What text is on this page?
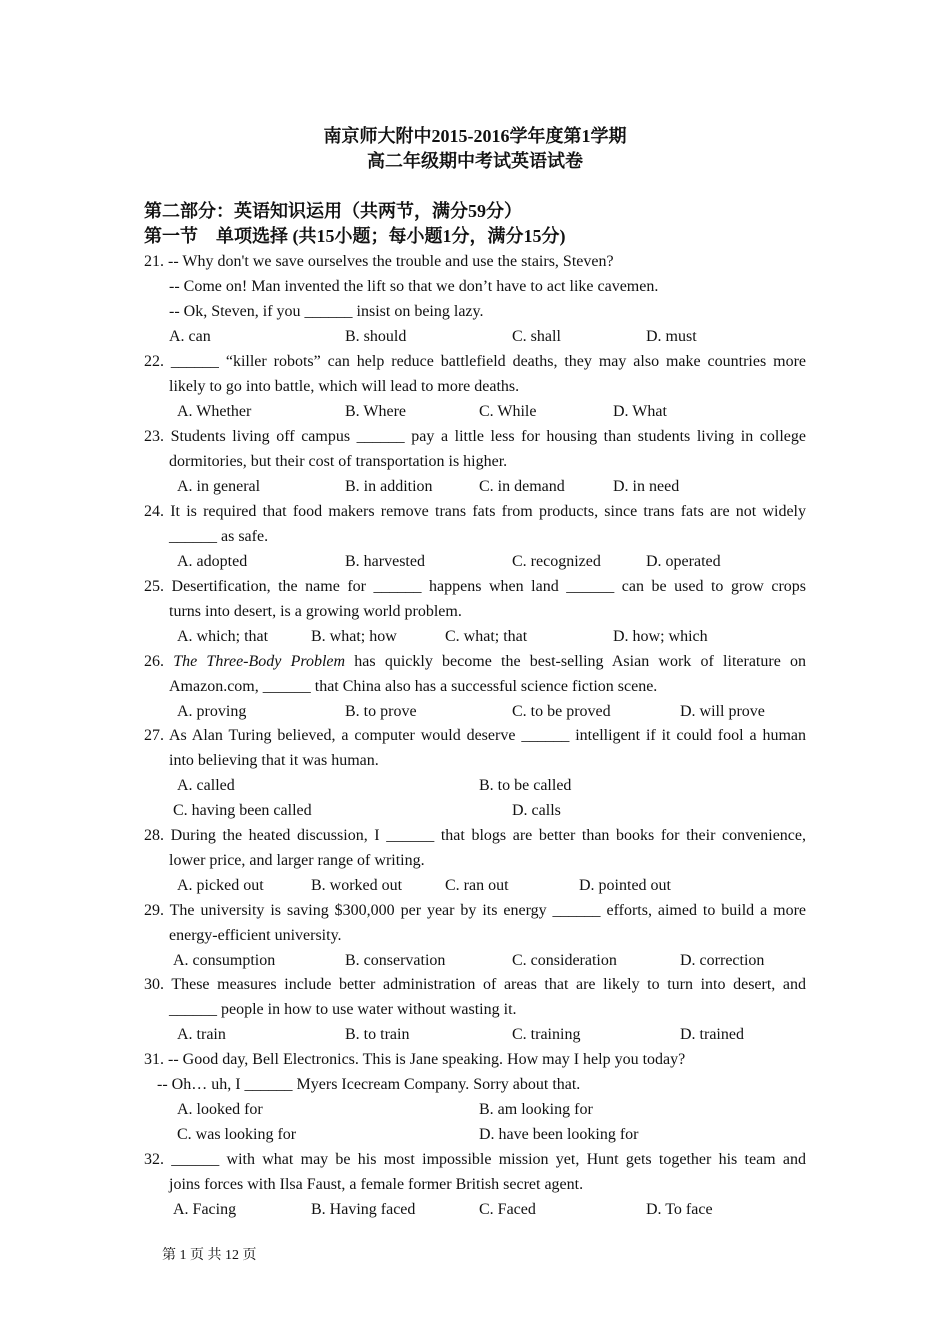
南京师大附中2015-2016学年度第1学期
高二年级期中考试英语试卷
第二部分：英语知识运用（共两节，满分59分）
第一节　单项选择 (共15小题；每小题1分，满分15分)
21. -- Why don't we save ourselves the trouble and use the stairs, Steven?
-- Come on! Man invented the lift so that we don’t have to act like cavemen.
-- Ok, Steven, if you ______ insist on being lazy.
A. can	B. should	C. shall	D. must
22. ______ “killer robots” can help reduce battlefield deaths, they may also make countries more
likely to go into battle, which will lead to more deaths.
A. Whether	B. Where	C. While	D. What
23. Students living off campus ______ pay a little less for housing than students living in college
dormitories, but their cost of transportation is higher.
A. in general	B. in addition	C. in demand	D. in need
24. It is required that food makers remove trans fats from products, since trans fats are not widely
______ as safe.
A. adopted	B. harvested	C. recognized	D. operated
25. Desertification, the name for ______ happens when land ______ can be used to grow crops
turns into desert, is a growing world problem.
A. which; that	B. what; how	C. what; that	D. how; which
26. The Three-Body Problem has quickly become the best-selling Asian work of literature on
Amazon.com, ______ that China also has a successful science fiction scene.
A. proving	B. to prove	C. to be proved	D. will prove
27. As Alan Turing believed, a computer would deserve ______ intelligent if it could fool a human
into believing that it was human.
A. called	B. to be called
C. having been called	D. calls
28. During the heated discussion, I ______ that blogs are better than books for their convenience,
lower price, and larger range of writing.
A. picked out	B. worked out	C. ran out	D. pointed out
29. The university is saving $300,000 per year by its energy ______ efforts, aimed to build a more
energy-efficient university.
A. consumption	B. conservation	C. consideration	D. correction
30. These measures include better administration of areas that are likely to turn into desert, and
______ people in how to use water without wasting it.
A. train	B. to train	C. training	D. trained
31. -- Good day, Bell Electronics. This is Jane speaking. How may I help you today?
-- Oh… uh, I ______ Myers Icecream Company. Sorry about that.
A. looked for	B. am looking for
C. was looking for	D. have been looking for
32. ______ with what may be his most impossible mission yet, Hunt gets together his team and
joins forces with Ilsa Faust, a female former British secret agent.
A. Facing	B. Having faced	C. Faced	D. To face
第 1 页 共 12 页
